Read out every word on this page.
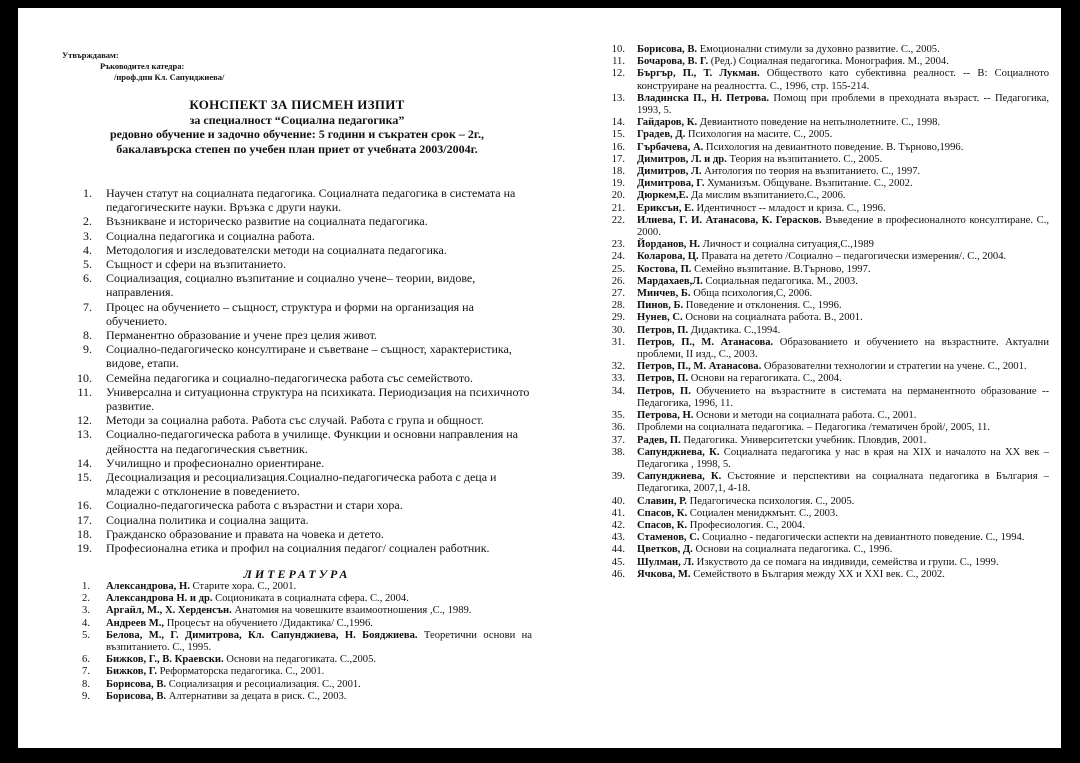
Утвърждавам:
Ръководител катедра:
/проф.дпн Кл. Сапунджиева/
КОНСПЕКТ ЗА ПИСМЕН ИЗПИТ
за специалност “Социална педагогика”
редовно обучение и задочно обучение: 5 години и съкратен срок – 2г.,
бакалавърска степен по учебен план приет от учебната 2003/2004г.
1. Научен статут на социалната педагогика. Социалната педагогика в системата на педагогическите науки. Връзка с други науки.
2. Възникване и историческо развитие на социалната педагогика.
3. Социална педагогика и социална работа.
4. Методология и изследователски методи на социалната педагогика.
5. Същност и сфери на възпитанието.
6. Социализация, социално възпитание и социално учене– теории, видове, направления.
7. Процес на обучението – същност, структура и форми на организация на обучението.
8. Перманентно образование и учене през целия живот.
9. Социално-педагогическо консултиране и съветване – същност, характеристика, видове, етапи.
10. Семейна педагогика и социално-педагогическа работа със семейството.
11. Универсална и ситуационна структура на психиката. Периодизация на психичното развитие.
12. Методи за социална работа. Работа със случай. Работа с група и общност.
13. Социално-педагогическа работа в училище. Функции и основни направления на дейността на педагогическия съветник.
14. Училищно и професионално ориентиране.
15. Десоциализация и ресоциализация.Социално-педагогическа работа с деца и младежи с отклонение в поведението.
16. Социално-педагогическа работа с възрастни и стари хора.
17. Социална политика и социална защита.
18. Гражданско образование и правата на човека и детето.
19. Професионална етика и профил на социалния педагог/ социален работник.
ЛИТЕРАТУРА
1. Александрова, Н. Старите хора. С., 2001.
2. Александрова Н. и др. Социониката в социалната сфера. С., 2004.
3. Аргайл, М., Х. Херденсън. Анатомия на човешките взаимоотношения ,С., 1989.
4. Андреев М., Процесът на обучението /Дидактика/ С.,1996.
5. Белова, М., Г. Димитрова, Кл. Сапунджиева, Н. Бояджиева. Теоретични основи на възпитанието. С., 1995.
6. Бижков, Г., В. Краевски. Основи на педагогиката. С.,2005.
7. Бижков, Г. Реформаторска педагогика. С., 2001.
8. Борисова, В. Социализация и ресоциализация. С., 2001.
9. Борисова, В. Алтернативи за децата в риск. С., 2003.
10. Борисова, В. Емоционални стимули за духовно развитие. С., 2005.
11. Бочарова, В. Г. (Ред.) Социалная педагогика. Монография. М., 2004.
12. Бъргър, П., Т. Лукман. Обществото като субективна реалност. -- В: Социалното конструиране на реалността. С., 1996, стр. 155-214.
13. Владинска П., Н. Петрова. Помощ при проблеми в преходната възраст. -- Педагогика, 1993, 5.
14. Гайдаров, К. Девиантното поведение на непълнолетните. С., 1998.
15. Градев, Д. Психология на масите. С., 2005.
16. Гърбачева, А. Психология на девиантното поведение. В. Търново,1996.
17. Димитров, Л. и др. Теория на възпитанието. С., 2005.
18. Димитров, Л. Антология по теория на възпитанието. С., 1997.
19. Димитрова, Г. Хуманизъм. Общуване. Възпитание. С., 2002.
20. Дюркем,Е. Да мислим възпитанието.С., 2006.
21. Ериксън, Е. Идентичност -- младост и криза. С., 1996.
22. Илиева, Г. И. Атанасова, К. Герасков. Въведение в професионалното консултиране. С., 2000.
23. Йорданов, Н. Личност и социална ситуация,С.,1989
24. Коларова, Ц. Правата на детето /Социално – педагогически измерения/. С., 2004.
25. Костова, П. Семейно възпитание. В.Търново, 1997.
26. Мардахаев,Л. Социальная педагогика. М., 2003.
27. Минчев, Б. Обща психология,С, 2006.
28. Пинов, Б. Поведение и отклонения. С., 1996.
29. Нунев, С. Основи на социалната работа. В., 2001.
30. Петров, П. Дидактика. С.,1994.
31. Петров, П., М. Атанасова. Образованието и обучението на възрастните. Актуални проблеми, II изд., С., 2003.
32. Петров, П., М. Атанасова. Образователни технологии и стратегии на учене. С., 2001.
33. Петров, П. Основи на геpагогиката. С., 2004.
34. Петров, П. Обучението на възрастните в системата на перманентното образование -- Педагогика, 1996, 11.
35. Петрова, Н. Основи и методи на социалната работа. С., 2001.
36. Проблеми на социалната педагогика. – Педагогика /тематичен брой/, 2005, 11.
37. Радев, П. Педагогика. Университетски учебник. Пловдив, 2001.
38. Сапунджиева, К. Социалната педагогика у нас в края на XIX и началото на XX век – Педагогика , 1998, 5.
39. Сапунджиева, К. Състояние и перспективи на социалната педагогика в България – Педагогика, 2007,1, 4-18.
40. Славин, Р. Педагогическа психология. С., 2005.
41. Спасов, К. Социален мениджмънт. С., 2003.
42. Спасов, К. Професиология. С., 2004.
43. Стаменов, С. Социално - педагогически аспекти на девиантното поведение. С., 1994.
44. Цветков, Д. Основи на социалната педагогика. С., 1996.
45. Шулман, Л. Изкуството да се помага на индивиди, семейства и групи. С., 1999.
46. Ячкова, М. Семейството в България между XX и XXI век. С., 2002.
